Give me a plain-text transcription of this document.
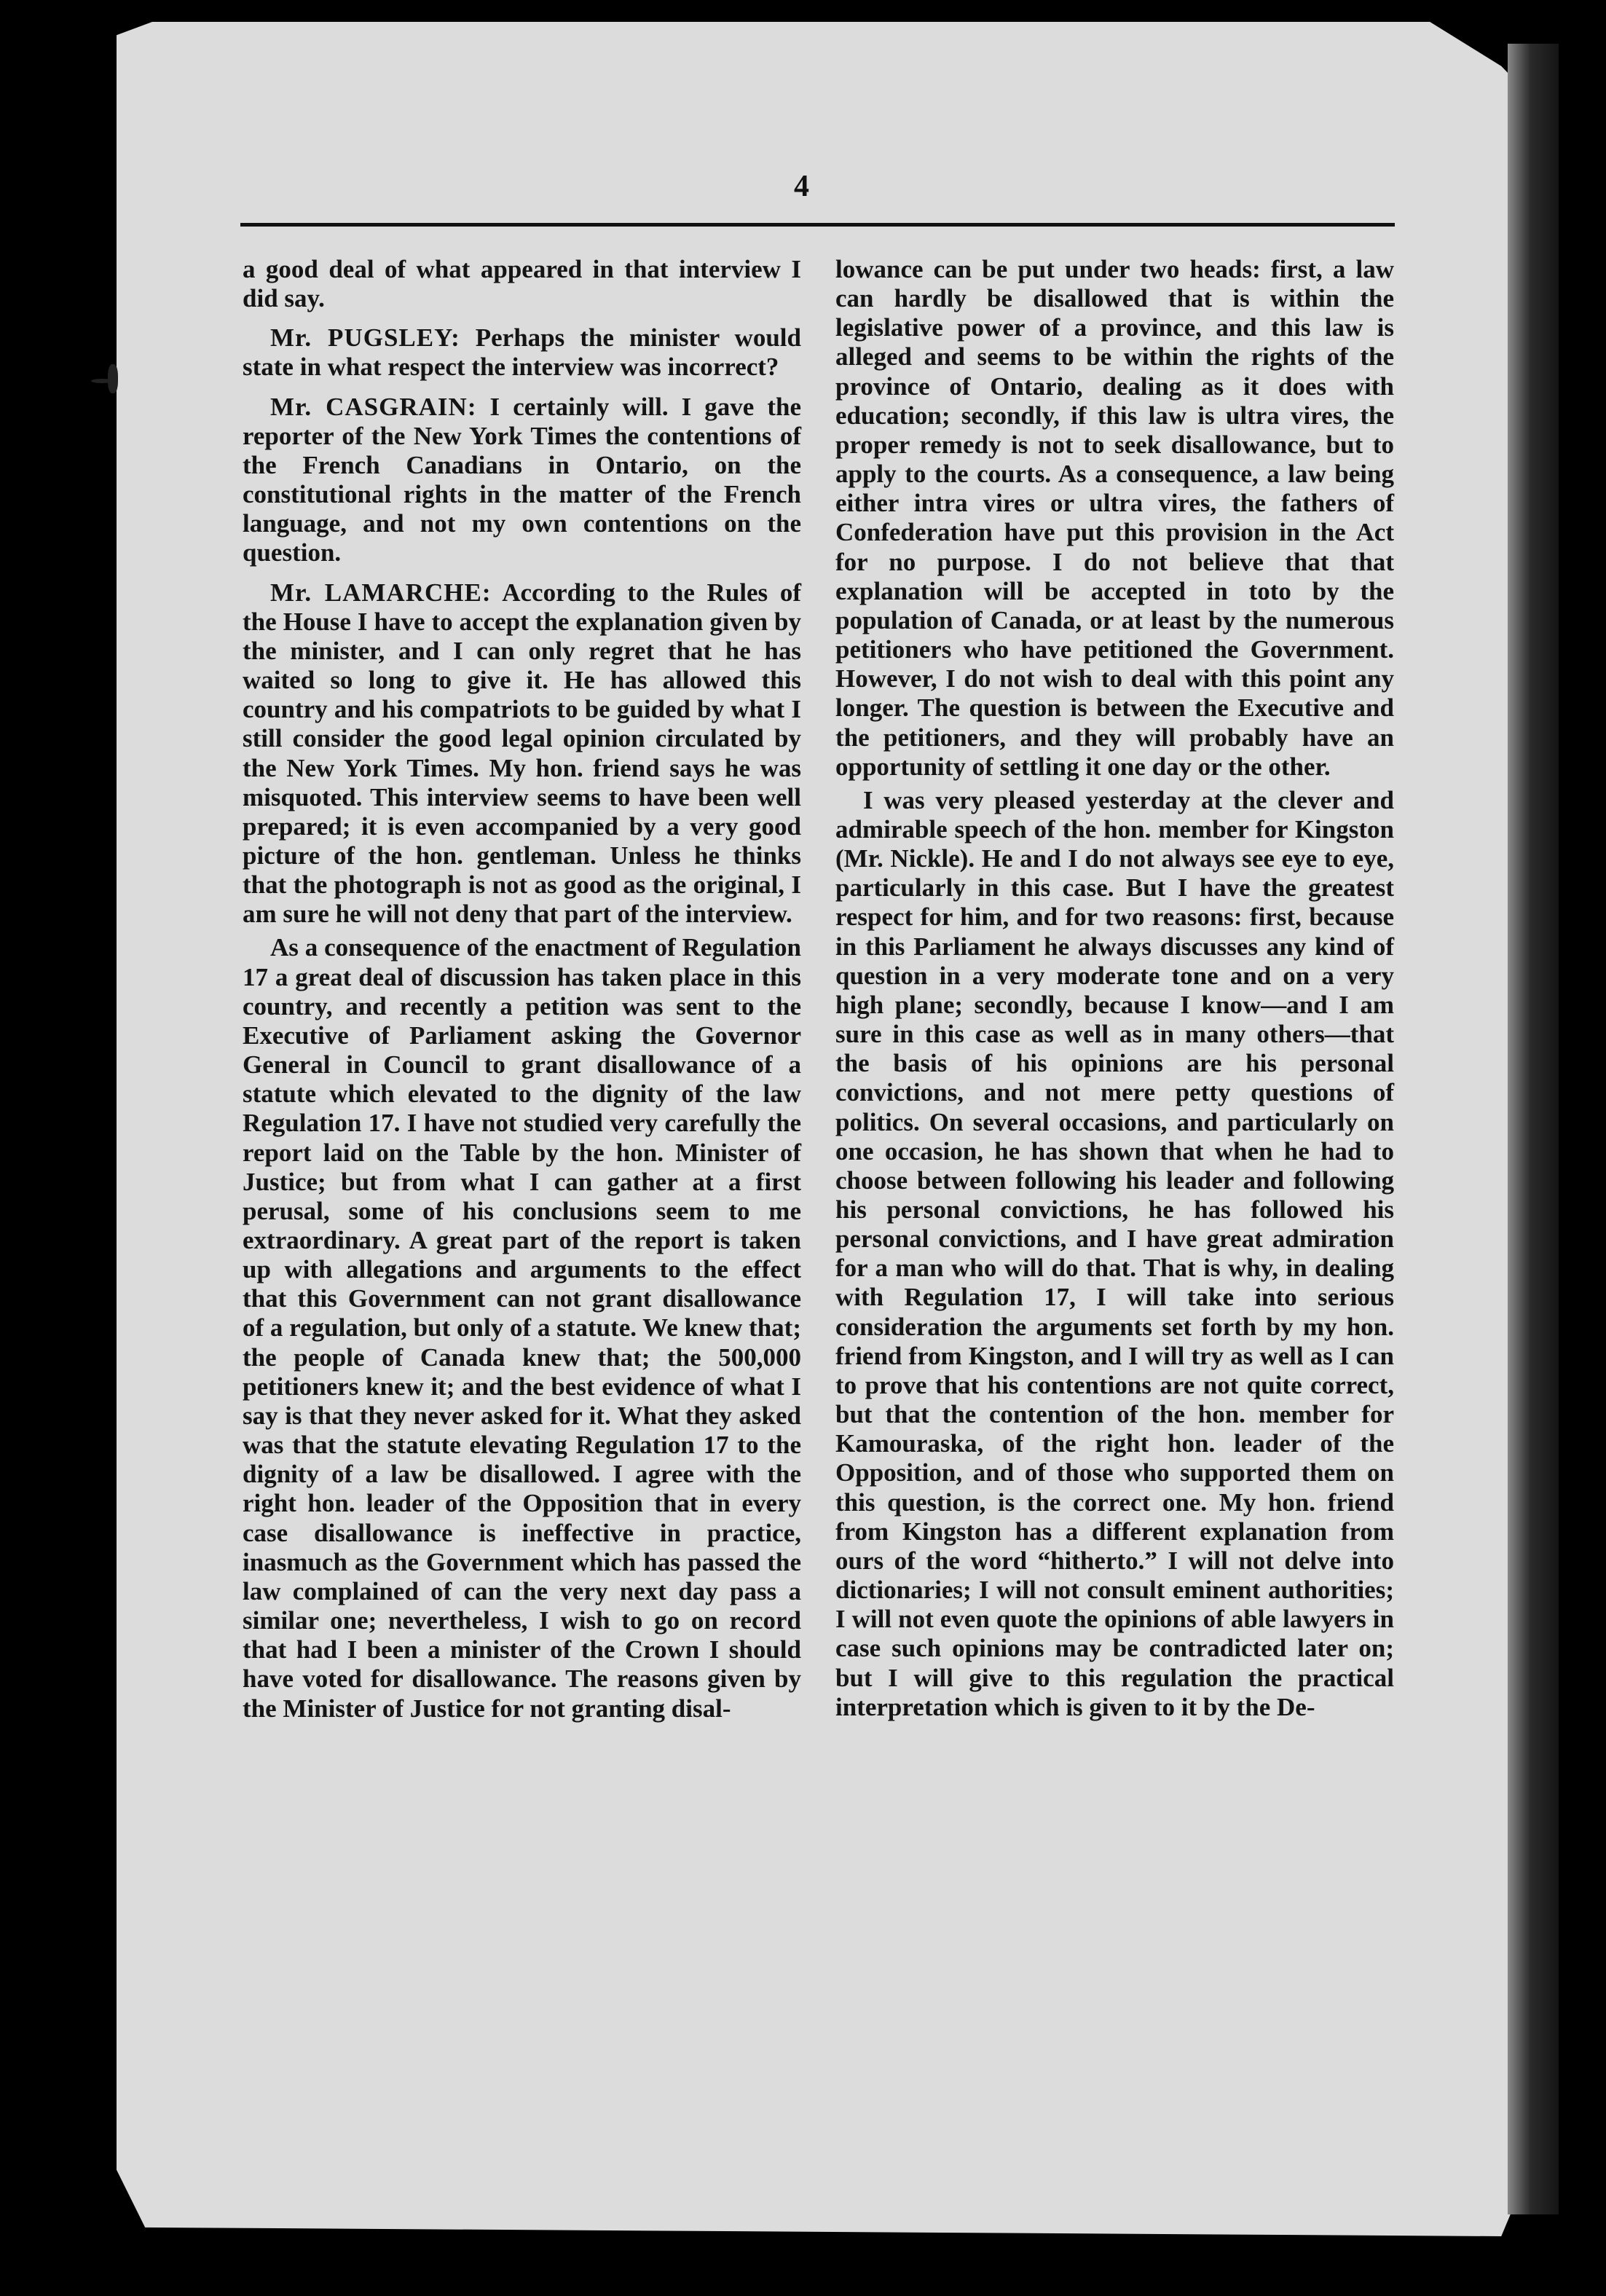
4

a good deal of what appeared in that interview I did say.

Mr. PUGSLEY: Perhaps the minister would state in what respect the interview was incorrect?

Mr. CASGRAIN: I certainly will. I gave the reporter of the New York Times the contentions of the French Canadians in Ontario, on the constitutional rights in the matter of the French language, and not my own contentions on the question.

Mr. LAMARCHE: According to the Rules of the House I have to accept the explanation given by the minister, and I can only regret that he has waited so long to give it. He has allowed this country and his compatriots to be guided by what I still consider the good legal opinion circulated by the New York Times. My hon. friend says he was misquoted. This interview seems to have been well prepared; it is even accompanied by a very good picture of the hon. gentleman. Unless he thinks that the photograph is not as good as the original, I am sure he will not deny that part of the interview.

As a consequence of the enactment of Regulation 17 a great deal of discussion has taken place in this country, and recently a petition was sent to the Executive of Parliament asking the Governor General in Council to grant disallowance of a statute which elevated to the dignity of the law Regulation 17. I have not studied very carefully the report laid on the Table by the hon. Minister of Justice; but from what I can gather at a first perusal, some of his conclusions seem to me extraordinary. A great part of the report is taken up with allegations and arguments to the effect that this Government can not grant disallowance of a regulation, but only of a statute. We knew that; the people of Canada knew that; the 500,000 petitioners knew it; and the best evidence of what I say is that they never asked for it. What they asked was that the statute elevating Regulation 17 to the dignity of a law be disallowed. I agree with the right hon. leader of the Opposition that in every case disallowance is ineffective in practice, inasmuch as the Government which has passed the law complained of can the very next day pass a similar one; nevertheless, I wish to go on record that had I been a minister of the Crown I should have voted for disallowance. The reasons given by the Minister of Justice for not granting disal-

lowance can be put under two heads: first, a law can hardly be disallowed that is within the legislative power of a province, and this law is alleged and seems to be within the rights of the province of Ontario, dealing as it does with education; secondly, if this law is ultra vires, the proper remedy is not to seek disallowance, but to apply to the courts. As a consequence, a law being either intra vires or ultra vires, the fathers of Confederation have put this provision in the Act for no purpose. I do not believe that that explanation will be accepted in toto by the population of Canada, or at least by the numerous petitioners who have petitioned the Government. However, I do not wish to deal with this point any longer. The question is between the Executive and the petitioners, and they will probably have an opportunity of settling it one day or the other.

I was very pleased yesterday at the clever and admirable speech of the hon. member for Kingston (Mr. Nickle). He and I do not always see eye to eye, particularly in this case. But I have the greatest respect for him, and for two reasons: first, because in this Parliament he always discusses any kind of question in a very moderate tone and on a very high plane; secondly, because I know—and I am sure in this case as well as in many others—that the basis of his opinions are his personal convictions, and not mere petty questions of politics. On several occasions, and particularly on one occasion, he has shown that when he had to choose between following his leader and following his personal convictions, he has followed his personal convictions, and I have great admiration for a man who will do that. That is why, in dealing with Regulation 17, I will take into serious consideration the arguments set forth by my hon. friend from Kingston, and I will try as well as I can to prove that his contentions are not quite correct, but that the contention of the hon. member for Kamouraska, of the right hon. leader of the Opposition, and of those who supported them on this question, is the correct one. My hon. friend from Kingston has a different explanation from ours of the word “hitherto.” I will not delve into dictionaries; I will not consult eminent authorities; I will not even quote the opinions of able lawyers in case such opinions may be contradicted later on; but I will give to this regulation the practical interpretation which is given to it by the De-
